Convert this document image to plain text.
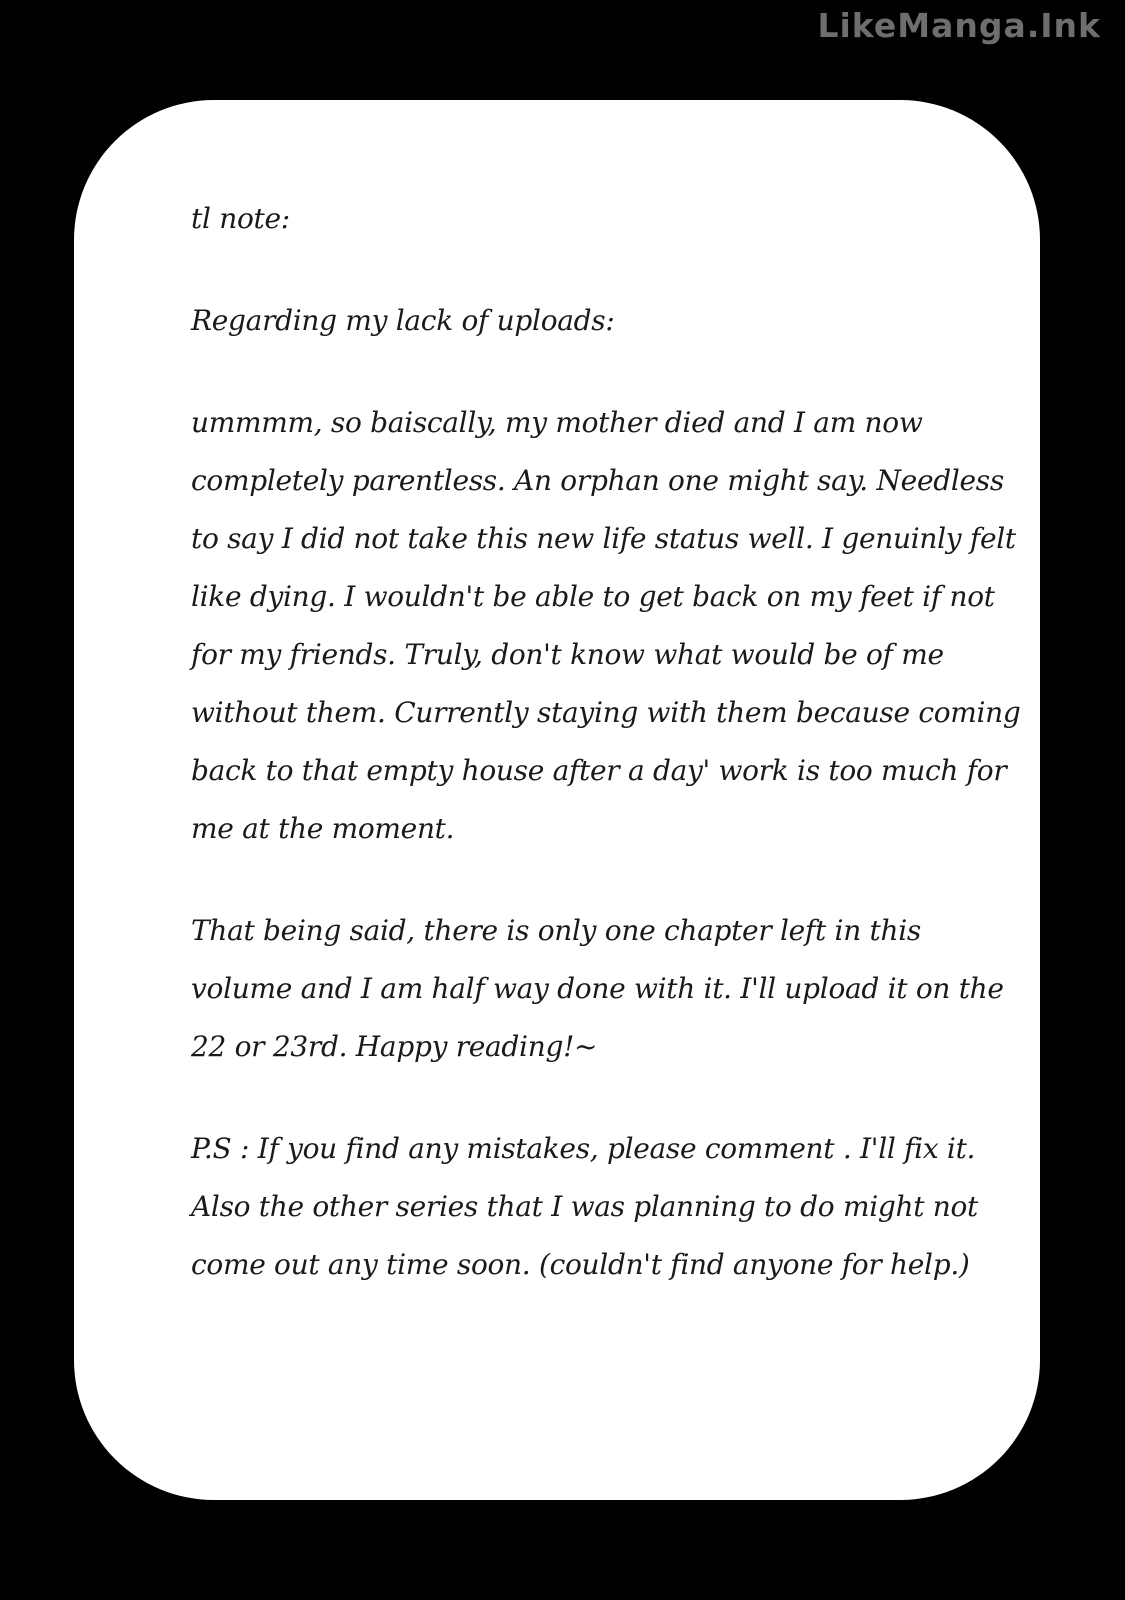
LikeManga.Ink

tl note:

Regarding my lack of uploads:

ummmm, so baiscally, my mother died and I am now completely parentless. An orphan one might say. Needless to say I did not take this new life status well. I genuinly felt like dying. I wouldn't be able to get back on my feet if not for my friends. Truly, don't know what would be of me without them. Currently staying with them because coming back to that empty house after a day' work is too much for me at the moment.

That being said, there is only one chapter left in this volume and I am half way done with it. I'll upload it on the 22 or 23rd. Happy reading!~

P.S : If you find any mistakes, please comment . I'll fix it. Also the other series that I was planning to do might not come out any time soon. (couldn't find anyone for help.)
